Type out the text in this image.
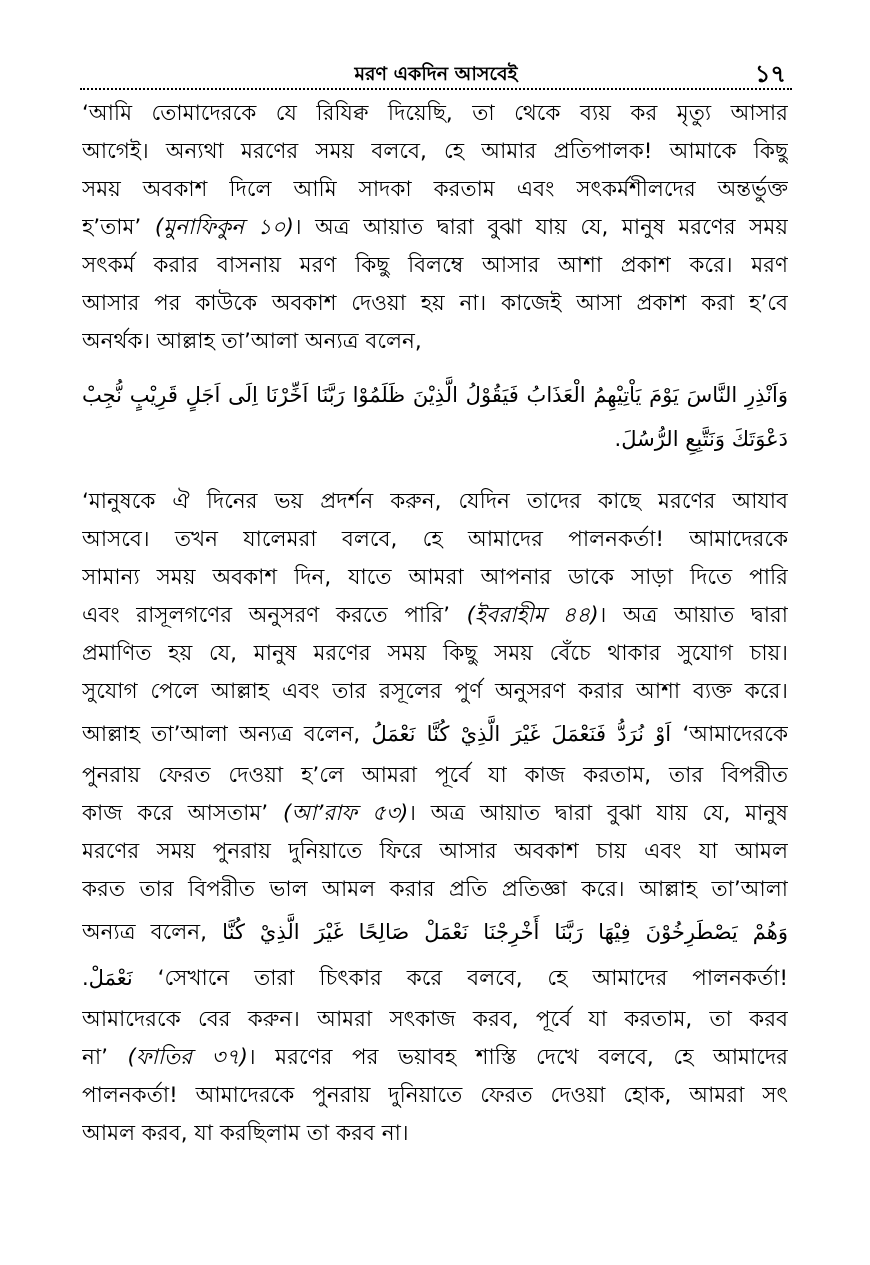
মরণ একদিন আসবেই	১৭
‘আমি তোমাদেরকে যে রিযিক্ব দিয়েছি, তা থেকে ব্যয় কর মৃত্যু আসার
আগেই। অন্যথা মরণের সময় বলবে, হে আমার প্রতিপালক! আমাকে কিছু
সময় অবকাশ দিলে আমি সাদকা করতাম এবং সৎকর্মশীলদের অন্তর্ভুক্ত
হ’তাম’ (মুনাফিকুন ১০)। অত্র আয়াত দ্বারা বুঝা যায় যে, মানুষ মরণের সময়
সৎকর্ম করার বাসনায় মরণ কিছু বিলম্বে আসার আশা প্রকাশ করে। মরণ
আসার পর কাউকে অবকাশ দেওয়া হয় না। কাজেই আসা প্রকাশ করা হ’বে
অনর্থক। আল্লাহ তা’আলা অন্যত্র বলেন,
وَاَنْذِرِ النَّاسَ يَوْمَ يَاْتِيْهِمُ الْعَذَابُ فَيَقُوْلُ الَّذِيْنَ ظَلَمُوْا رَبَّنَا اَخِّرْنَا اِلَى اَجَلٍ قَرِيْبٍ نُّجِبْ
دَعْوَتَكَ وَنَتَّبِعِ الرُّسُلَ.
‘মানুষকে ঐ দিনের ভয় প্রদর্শন করুন, যেদিন তাদের কাছে মরণের আযাব
আসবে। তখন যালেমরা বলবে, হে আমাদের পালনকর্তা! আমাদেরকে
সামান্য সময় অবকাশ দিন, যাতে আমরা আপনার ডাকে সাড়া দিতে পারি
এবং রাসূলগণের অনুসরণ করতে পারি’ (ইবরাহীম ৪৪)। অত্র আয়াত দ্বারা
প্রমাণিত হয় যে, মানুষ মরণের সময় কিছু সময় বেঁচে থাকার সুযোগ চায়।
সুযোগ পেলে আল্লাহ এবং তার রসূলের পুর্ণ অনুসরণ করার আশা ব্যক্ত করে।
আল্লাহ তা’আলা অন্যত্র বলেন, اَوْ نُرَدُّ فَنَعْمَلَ غَيْرَ الَّذِيْ كُنَّا نَعْمَلُ ‘আমাদেরকে
পুনরায় ফেরত দেওয়া হ’লে আমরা পূর্বে যা কাজ করতাম, তার বিপরীত
কাজ করে আসতাম’ (আ’রাফ ৫৩)। অত্র আয়াত দ্বারা বুঝা যায় যে, মানুষ
মরণের সময় পুনরায় দুনিয়াতে ফিরে আসার অবকাশ চায় এবং যা আমল
করত তার বিপরীত ভাল আমল করার প্রতি প্রতিজ্ঞা করে। আল্লাহ তা’আলা
অন্যত্র বলেন, وَهُمْ يَصْطَرِخُوْنَ فِيْهَا رَبَّنَا أَخْرِجْنَا نَعْمَلْ صَالِحًا غَيْرَ الَّذِيْ كُنَّا
نَعْمَلْ. ‘সেখানে তারা চিৎকার করে বলবে, হে আমাদের পালনকর্তা!
আমাদেরকে বের করুন। আমরা সৎকাজ করব, পূর্বে যা করতাম, তা করব
না’ (ফাতির ৩৭)। মরণের পর ভয়াবহ শাস্তি দেখে বলবে, হে আমাদের
পালনকর্তা! আমাদেরকে পুনরায় দুনিয়াতে ফেরত দেওয়া হোক, আমরা সৎ
আমল করব, যা করছিলাম তা করব না।
